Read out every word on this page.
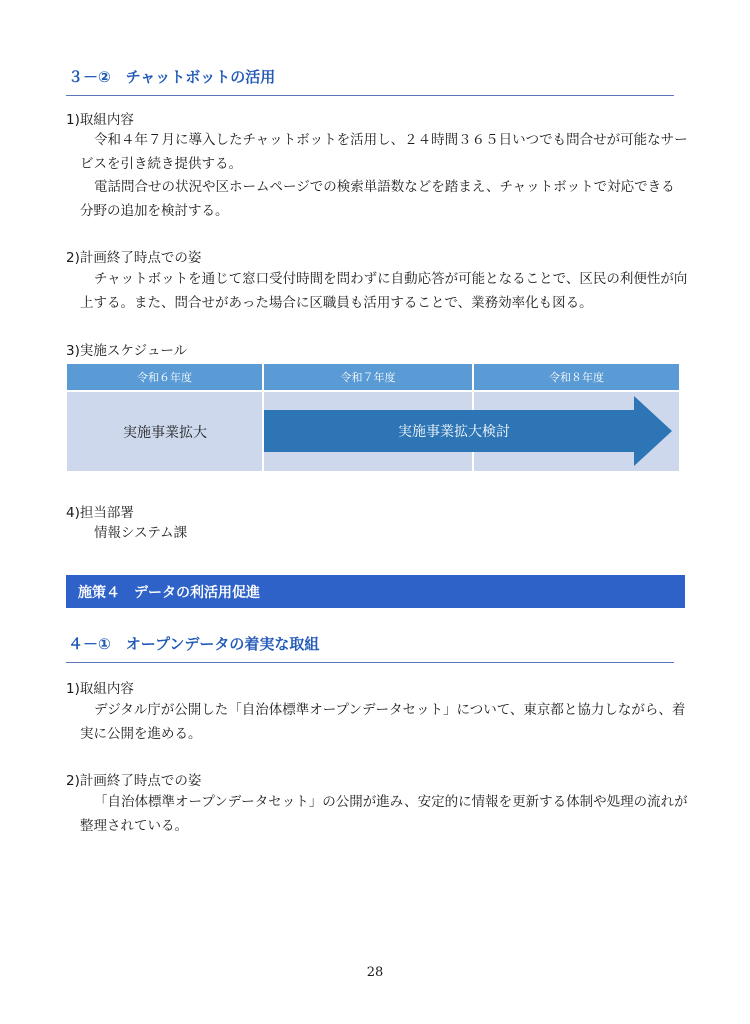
３－②　チャットボットの活用
1)取組内容
令和４年７月に導入したチャットボットを活用し、２４時間３６５日いつでも問合せが可能なサービスを引き続き提供する。
電話問合せの状況や区ホームページでの検索単語数などを踏まえ、チャットボットで対応できる分野の追加を検討する。
2)計画終了時点での姿
チャットボットを通じて窓口受付時間を問わずに自動応答が可能となることで、区民の利便性が向上する。また、問合せがあった場合に区職員も活用することで、業務効率化も図る。
3)実施スケジュール
令和６年度	令和７年度	令和８年度
実施事業拡大	実施事業拡大検討
4)担当部署
情報システム課
施策４　データの利活用促進
４－①　オープンデータの着実な取組
1)取組内容
デジタル庁が公開した「自治体標準オープンデータセット」について、東京都と協力しながら、着実に公開を進める。
2)計画終了時点での姿
「自治体標準オープンデータセット」の公開が進み、安定的に情報を更新する体制や処理の流れが整理されている。
28
